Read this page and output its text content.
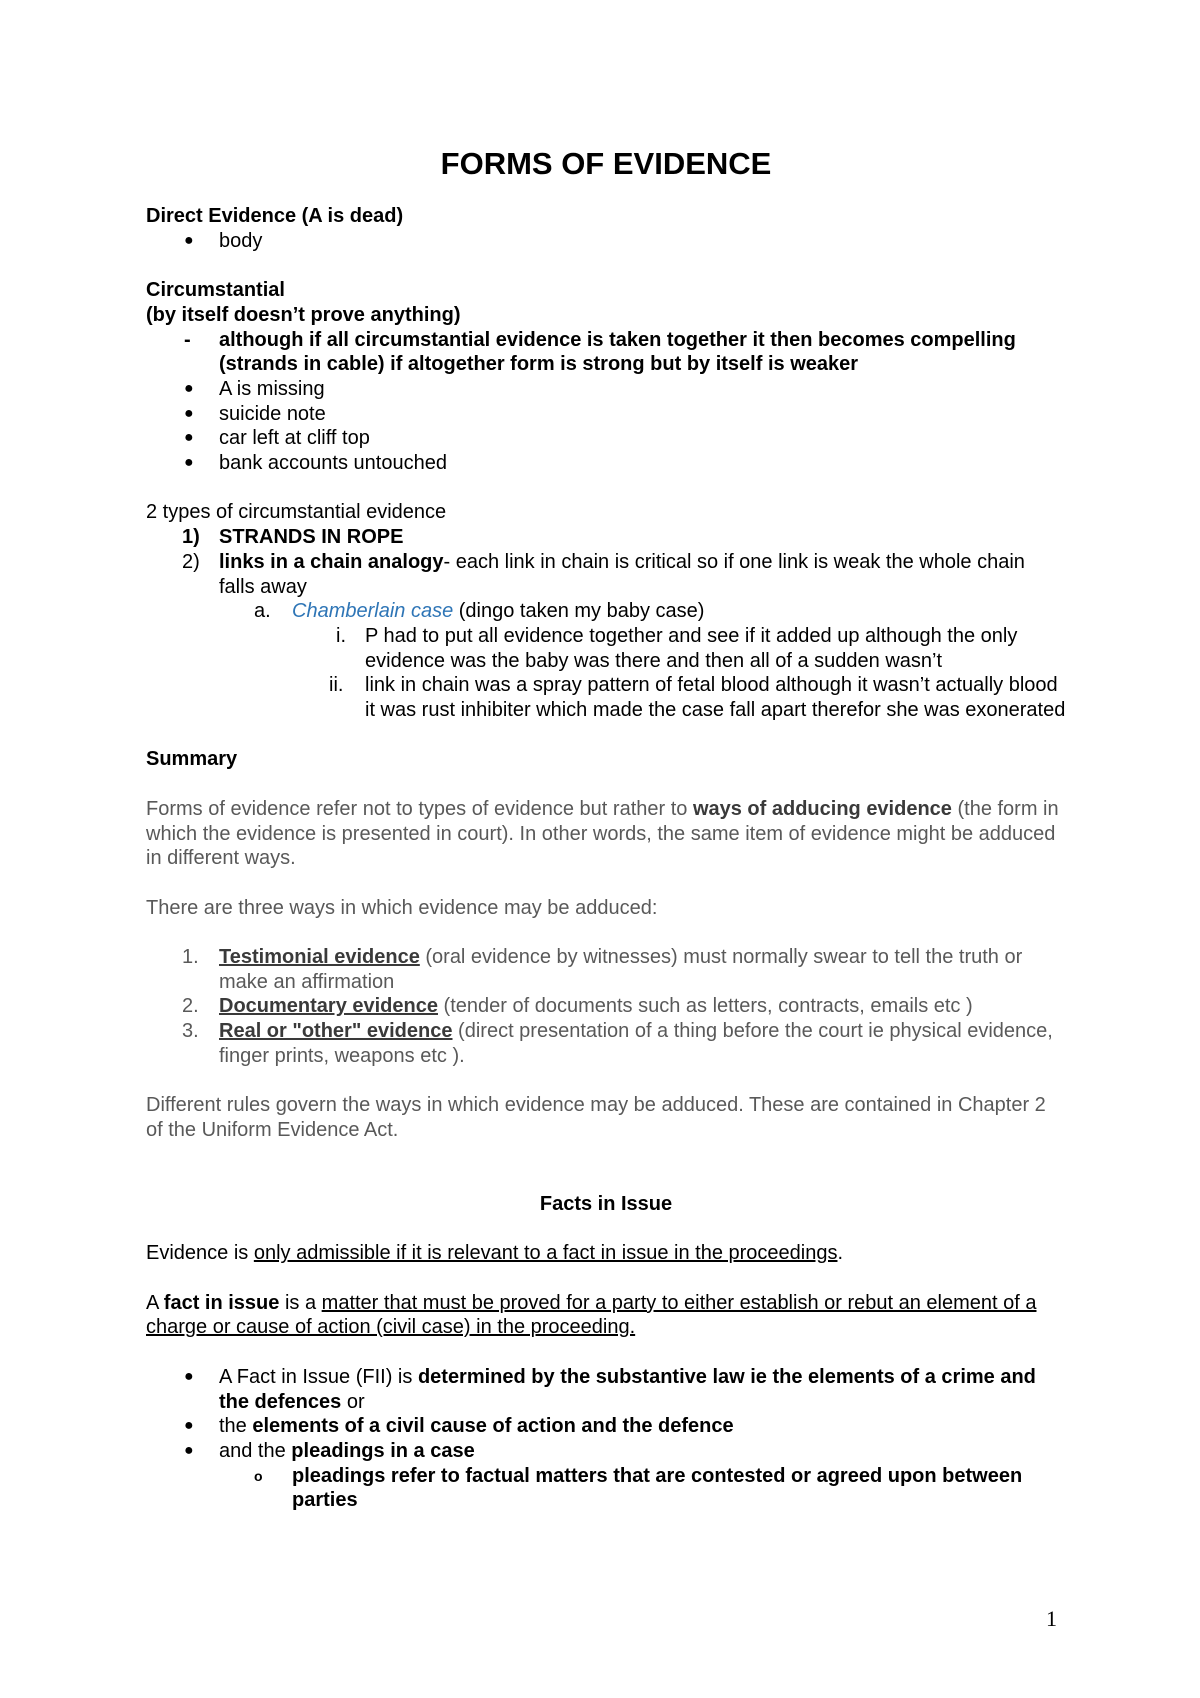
FORMS OF EVIDENCE
Direct Evidence (A is dead)
● body
Circumstantial
(by itself doesn’t prove anything)
- although if all circumstantial evidence is taken together it then becomes compelling (strands in cable) if altogether form is strong but by itself is weaker
● A is missing
● suicide note
● car left at cliff top
● bank accounts untouched
2 types of circumstantial evidence
1) STRANDS IN ROPE
2) links in a chain analogy- each link in chain is critical so if one link is weak the whole chain falls away
a. Chamberlain case (dingo taken my baby case)
i. P had to put all evidence together and see if it added up although the only evidence was the baby was there and then all of a sudden wasn’t
ii. link in chain was a spray pattern of fetal blood although it wasn’t actually blood it was rust inhibiter which made the case fall apart therefor she was exonerated
Summary
Forms of evidence refer not to types of evidence but rather to ways of adducing evidence (the form in which the evidence is presented in court). In other words, the same item of evidence might be adduced in different ways.
There are three ways in which evidence may be adduced:
1. Testimonial evidence (oral evidence by witnesses) must normally swear to tell the truth or make an affirmation
2. Documentary evidence (tender of documents such as letters, contracts, emails etc )
3. Real or "other" evidence (direct presentation of a thing before the court ie physical evidence, finger prints, weapons etc ).
Different rules govern the ways in which evidence may be adduced. These are contained in Chapter 2 of the Uniform Evidence Act.
Facts in Issue
Evidence is only admissible if it is relevant to a fact in issue in the proceedings.
A fact in issue is a matter that must be proved for a party to either establish or rebut an element of a charge or cause of action (civil case) in the proceeding.
● A Fact in Issue (FII) is determined by the substantive law ie the elements of a crime and the defences or
● the elements of a civil cause of action and the defence
● and the pleadings in a case
o pleadings refer to factual matters that are contested or agreed upon between parties
1
